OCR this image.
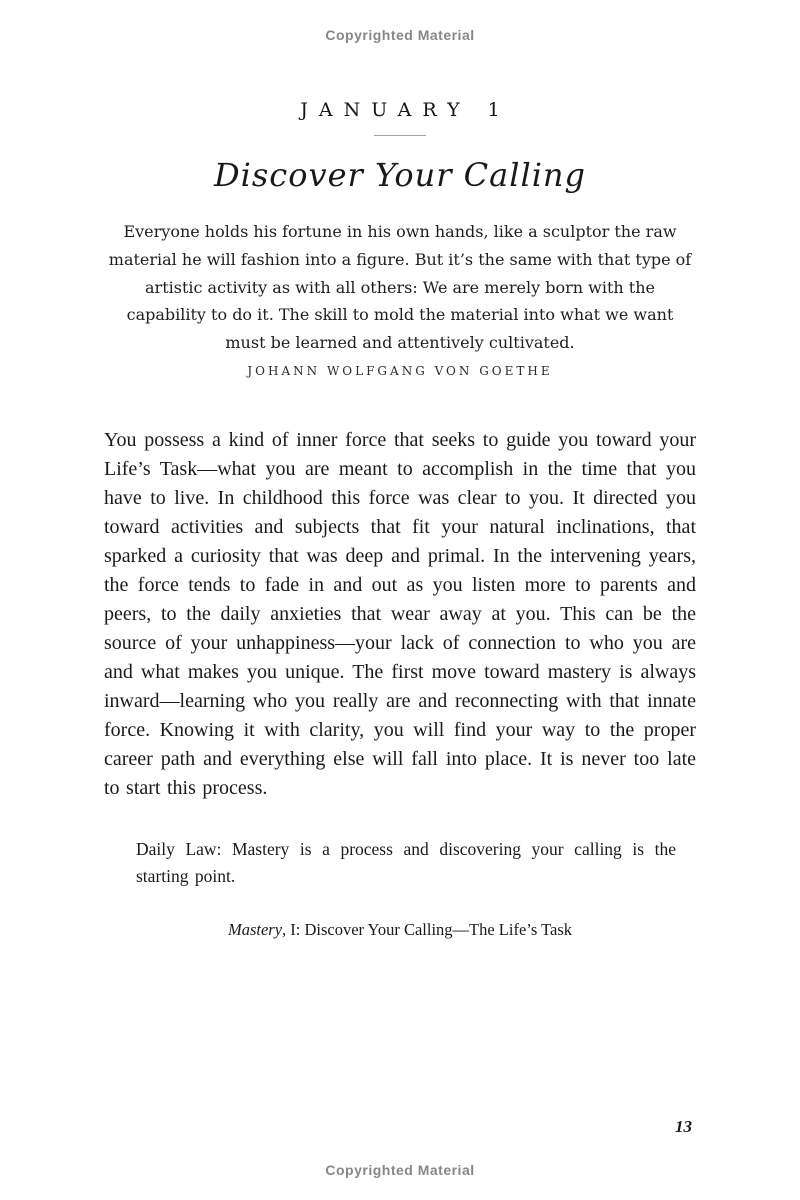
Copyrighted Material
JANUARY 1
Discover Your Calling
Everyone holds his fortune in his own hands, like a sculptor the raw material he will fashion into a figure. But it’s the same with that type of artistic activity as with all others: We are merely born with the capability to do it. The skill to mold the material into what we want must be learned and attentively cultivated.
JOHANN WOLFGANG VON GOETHE

You possess a kind of inner force that seeks to guide you toward your Life’s Task—what you are meant to accomplish in the time that you have to live. In childhood this force was clear to you. It directed you toward activities and subjects that fit your natural inclinations, that sparked a curiosity that was deep and primal. In the intervening years, the force tends to fade in and out as you listen more to parents and peers, to the daily anxieties that wear away at you. This can be the source of your unhappiness—your lack of connection to who you are and what makes you unique. The first move toward mastery is always inward—learning who you really are and reconnecting with that innate force. Knowing it with clarity, you will find your way to the proper career path and everything else will fall into place. It is never too late to start this process.

Daily Law: Mastery is a process and discovering your calling is the starting point.
Mastery, I: Discover Your Calling—The Life’s Task
13
Copyrighted Material
